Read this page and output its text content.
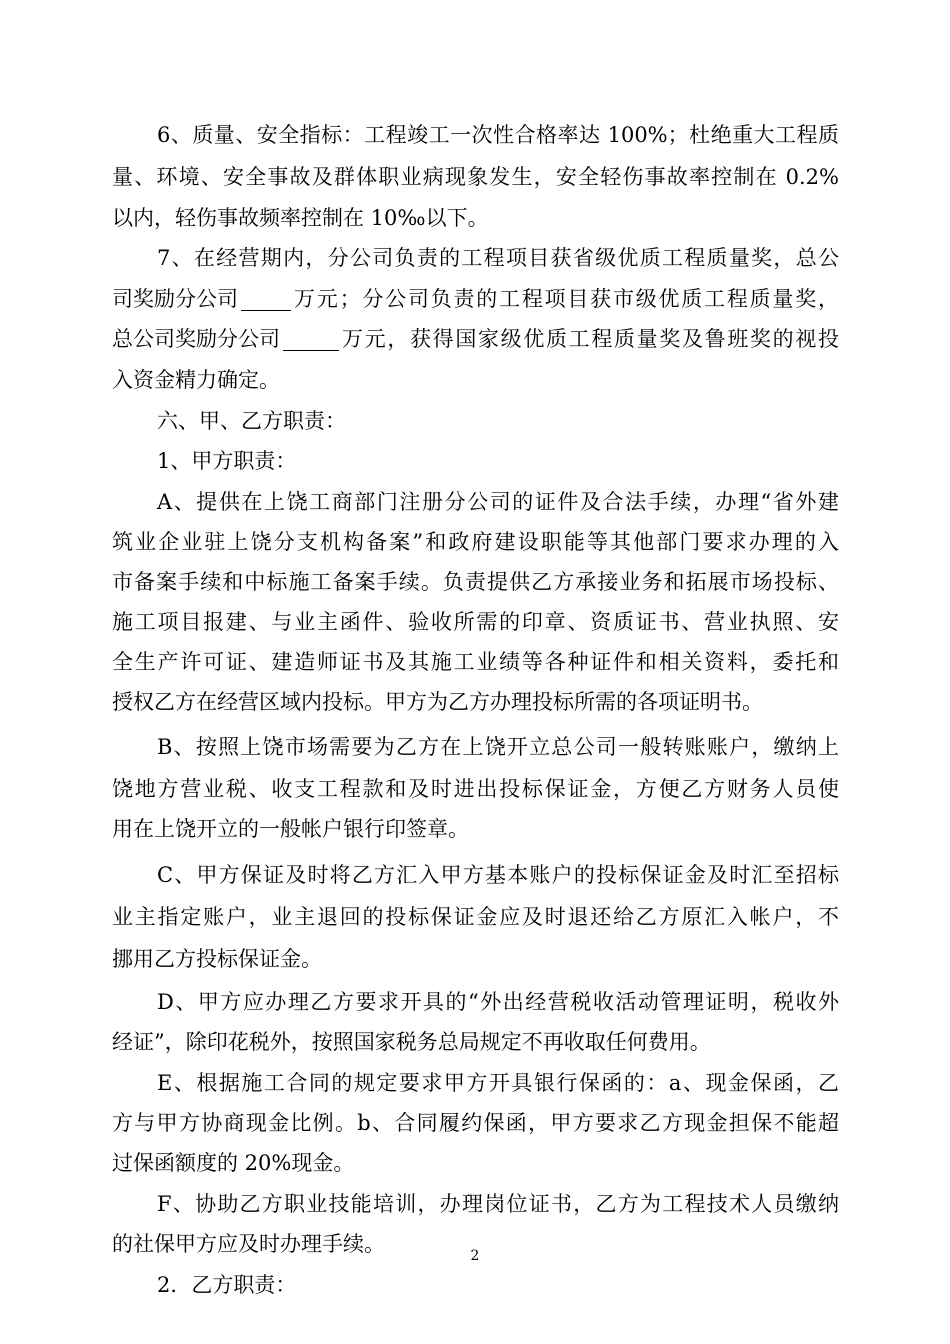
6、质量、安全指标：工程竣工一次性合格率达 100%；杜绝重大工程质
量、环境、安全事故及群体职业病现象发生，安全轻伤事故率控制在 0.2%
以内，轻伤事故频率控制在 10‰以下。
7、在经营期内，分公司负责的工程项目获省级优质工程质量奖，总公
司奖励分公司	万元；分公司负责的工程项目获市级优质工程质量奖，
总公司奖励分公司	万元，获得国家级优质工程质量奖及鲁班奖的视投
入资金精力确定。
六、甲、乙方职责：
1、甲方职责：
A、提供在上饶工商部门注册分公司的证件及合法手续，办理“省外建
筑业企业驻上饶分支机构备案”和政府建设职能等其他部门要求办理的入
市备案手续和中标施工备案手续。负责提供乙方承接业务和拓展市场投标、
施工项目报建、与业主函件、验收所需的印章、资质证书、营业执照、安
全生产许可证、建造师证书及其施工业绩等各种证件和相关资料，委托和
授权乙方在经营区域内投标。甲方为乙方办理投标所需的各项证明书。
B、按照上饶市场需要为乙方在上饶开立总公司一般转账账户，缴纳上
饶地方营业税、收支工程款和及时进出投标保证金，方便乙方财务人员使
用在上饶开立的一般帐户银行印签章。
C、甲方保证及时将乙方汇入甲方基本账户的投标保证金及时汇至招标
业主指定账户，业主退回的投标保证金应及时退还给乙方原汇入帐户，不
挪用乙方投标保证金。
D、甲方应办理乙方要求开具的“外出经营税收活动管理证明，税收外
经证”，除印花税外，按照国家税务总局规定不再收取任何费用。
E、根据施工合同的规定要求甲方开具银行保函的：a、现金保函，乙
方与甲方协商现金比例。b、合同履约保函，甲方要求乙方现金担保不能超
过保函额度的 20%现金。
F、协助乙方职业技能培训，办理岗位证书，乙方为工程技术人员缴纳
的社保甲方应及时办理手续。
2．乙方职责：
2
